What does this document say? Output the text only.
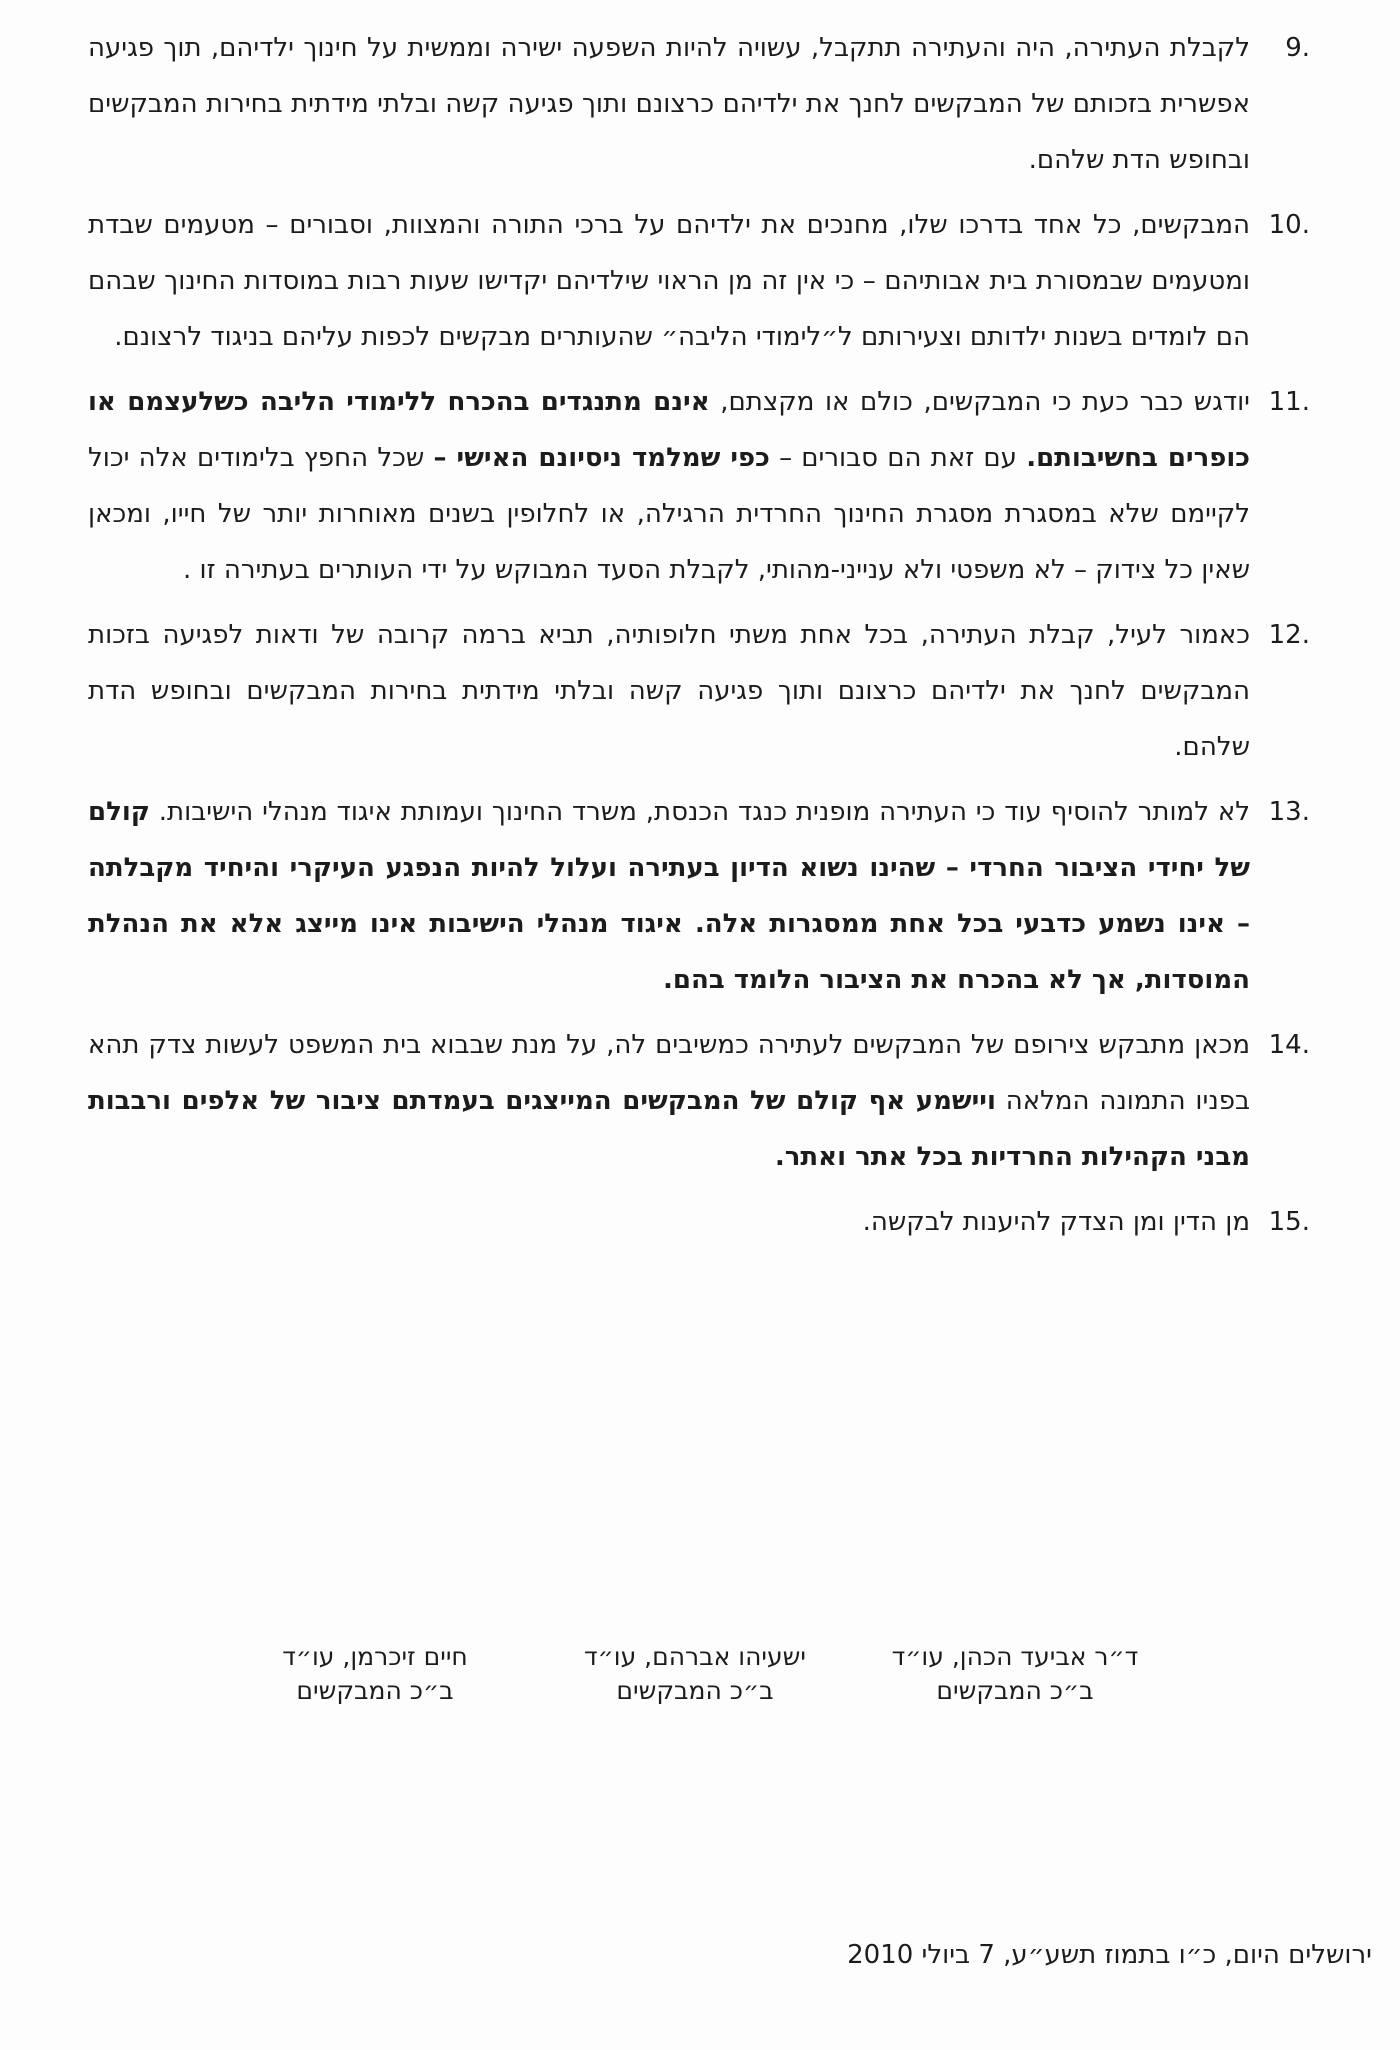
9.
לקבלת העתירה, היה והעתירה תתקבל, עשויה להיות השפעה ישירה וממשית על חינוך ילדיהם, תוך פגיעה אפשרית בזכותם של המבקשים לחנך את ילדיהם כרצונם ותוך פגיעה קשה ובלתי מידתית בחירות המבקשים ובחופש הדת שלהם.

10.
המבקשים, כל אחד בדרכו שלו, מחנכים את ילדיהם על ברכי התורה והמצוות, וסבורים – מטעמים שבדת ומטעמים שבמסורת בית אבותיהם – כי אין זה מן הראוי שילדיהם יקדישו שעות רבות במוסדות החינוך שבהם הם לומדים בשנות ילדותם וצעירותם ל״לימודי הליבה״ שהעותרים מבקשים לכפות עליהם בניגוד לרצונם.

11.
יודגש כבר כעת כי המבקשים, כולם או מקצתם, אינם מתנגדים בהכרח ללימודי הליבה כשלעצמם או כופרים בחשיבותם. עם זאת הם סבורים – כפי שמלמד ניסיונם האישי – שכל החפץ בלימודים אלה יכול לקיימם שלא במסגרת מסגרת החינוך החרדית הרגילה, או לחלופין בשנים מאוחרות יותר של חייו, ומכאן שאין כל צידוק – לא משפטי ולא ענייני-מהותי, לקבלת הסעד המבוקש על ידי העותרים בעתירה זו .

12.
כאמור לעיל, קבלת העתירה, בכל אחת משתי חלופותיה, תביא ברמה קרובה של ודאות לפגיעה בזכות המבקשים לחנך את ילדיהם כרצונם ותוך פגיעה קשה ובלתי מידתית בחירות המבקשים ובחופש הדת שלהם.

13.
לא למותר להוסיף עוד כי העתירה מופנית כנגד הכנסת, משרד החינוך ועמותת איגוד מנהלי הישיבות. קולם של יחידי הציבור החרדי – שהינו נשוא הדיון בעתירה ועלול להיות הנפגע העיקרי והיחיד מקבלתה – אינו נשמע כדבעי בכל אחת ממסגרות אלה. איגוד מנהלי הישיבות אינו מייצג אלא את הנהלת המוסדות, אך לא בהכרח את הציבור הלומד בהם.

14.
מכאן מתבקש צירופם של המבקשים לעתירה כמשיבים לה, על מנת שבבוא בית המשפט לעשות צדק תהא בפניו התמונה המלאה ויישמע אף קולם של המבקשים המייצגים בעמדתם ציבור של אלפים ורבבות מבני הקהילות החרדיות בכל אתר ואתר.

15.
מן הדין ומן הצדק להיענות לבקשה.

ד״ר אביעד הכהן, עו״ד
ב״כ המבקשים
ישעיהו אברהם, עו״ד
ב״כ המבקשים
חיים זיכרמן, עו״ד
ב״כ המבקשים
ירושלים היום, כ״ו בתמוז תשע״ע, 7 ביולי 2010
